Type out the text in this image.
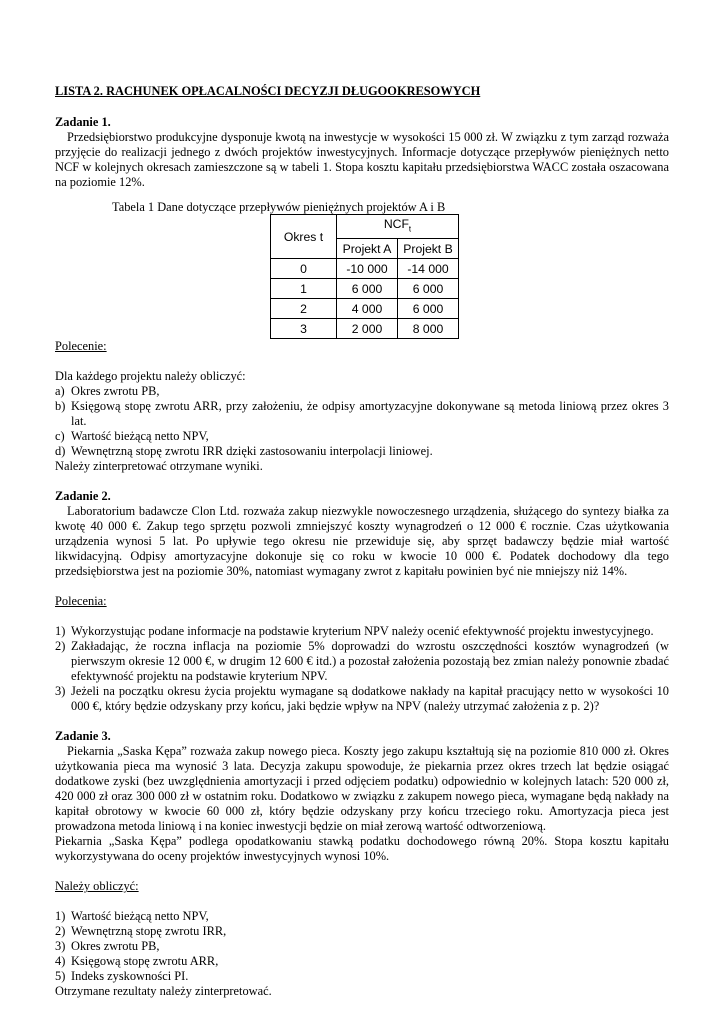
LISTA 2. RACHUNEK OPŁACALNOŚCI DECYZJI DŁUGOOKRESOWYCH

Zadanie 1.

Przedsiębiorstwo produkcyjne dysponuje kwotą na inwestycje w wysokości 15 000 zł. W związku z tym zarząd rozważa przyjęcie do realizacji jednego z dwóch projektów inwestycyjnych. Informacje dotyczące przepływów pieniężnych netto NCF w kolejnych okresach zamieszczone są w tabeli 1. Stopa kosztu kapitału przedsiębiorstwa WACC została oszacowana na poziomie 12%.

Tabela 1 Dane dotyczące przepływów pieniężnych projektów A i B

Okres t	$NCF_t$
	Projekt A	Projekt B
0	-10 000	-14 000
1	6 000	6 000
2	4 000	6 000
3	2 000	8 000

Polecenie:

Dla każdego projektu należy obliczyć:

a) Okres zwrotu PB,
b) Księgową stopę zwrotu ARR, przy założeniu, że odpisy amortyzacyjne dokonywane są metoda liniową przez okres 3 lat.
c) Wartość bieżącą netto NPV,
d) Wewnętrzną stopę zwrotu IRR dzięki zastosowaniu interpolacji liniowej.

Należy zinterpretować otrzymane wyniki.

Zadanie 2.

Laboratorium badawcze Clon Ltd. rozważa zakup niezwykle nowoczesnego urządzenia, służącego do syntezy białka za kwotę 40 000 €. Zakup tego sprzętu pozwoli zmniejszyć koszty wynagrodzeń o 12 000 € rocznie. Czas użytkowania urządzenia wynosi 5 lat. Po upływie tego okresu nie przewiduje się, aby sprzęt badawczy będzie miał wartość likwidacyjną. Odpisy amortyzacyjne dokonuje się co roku w kwocie 10 000 €. Podatek dochodowy dla tego przedsiębiorstwa jest na poziomie 30%, natomiast wymagany zwrot z kapitału powinien być nie mniejszy niż 14%.

Polecenia:

1) Wykorzystując podane informacje na podstawie kryterium NPV należy ocenić efektywność projektu inwestycyjnego.
2) Zakładając, że roczna inflacja na poziomie 5% doprowadzi do wzrostu oszczędności kosztów wynagrodzeń (w pierwszym okresie 12 000 €, w drugim 12 600 € itd.) a pozostał założenia pozostają bez zmian należy ponownie zbadać efektywność projektu na podstawie kryterium NPV.
3) Jeżeli na początku okresu życia projektu wymagane są dodatkowe nakłady na kapitał pracujący netto w wysokości 10 000 €, który będzie odzyskany przy końcu, jaki będzie wpływ na NPV (należy utrzymać założenia z p. 2)?

Zadanie 3.

Piekarnia „Saska Kępa” rozważa zakup nowego pieca. Koszty jego zakupu kształtują się na poziomie 810 000 zł. Okres użytkowania pieca ma wynosić 3 lata. Decyzja zakupu spowoduje, że piekarnia przez okres trzech lat będzie osiągać dodatkowe zyski (bez uwzględnienia amortyzacji i przed odjęciem podatku) odpowiednio w kolejnych latach: 520 000 zł, 420 000 zł oraz 300 000 zł w ostatnim roku. Dodatkowo w związku z zakupem nowego pieca, wymagane będą nakłady na kapitał obrotowy w kwocie 60 000 zł, który będzie odzyskany przy końcu trzeciego roku. Amortyzacja pieca jest prowadzona metoda liniową i na koniec inwestycji będzie on miał zerową wartość odtworzeniową.

Piekarnia „Saska Kępa” podlega opodatkowaniu stawką podatku dochodowego równą 20%. Stopa kosztu kapitału wykorzystywana do oceny projektów inwestycyjnych wynosi 10%.

Należy obliczyć:

1) Wartość bieżącą netto NPV,
2) Wewnętrzną stopę zwrotu IRR,
3) Okres zwrotu PB,
4) Księgową stopę zwrotu ARR,
5) Indeks zyskowności PI.

Otrzymane rezultaty należy zinterpretować.
